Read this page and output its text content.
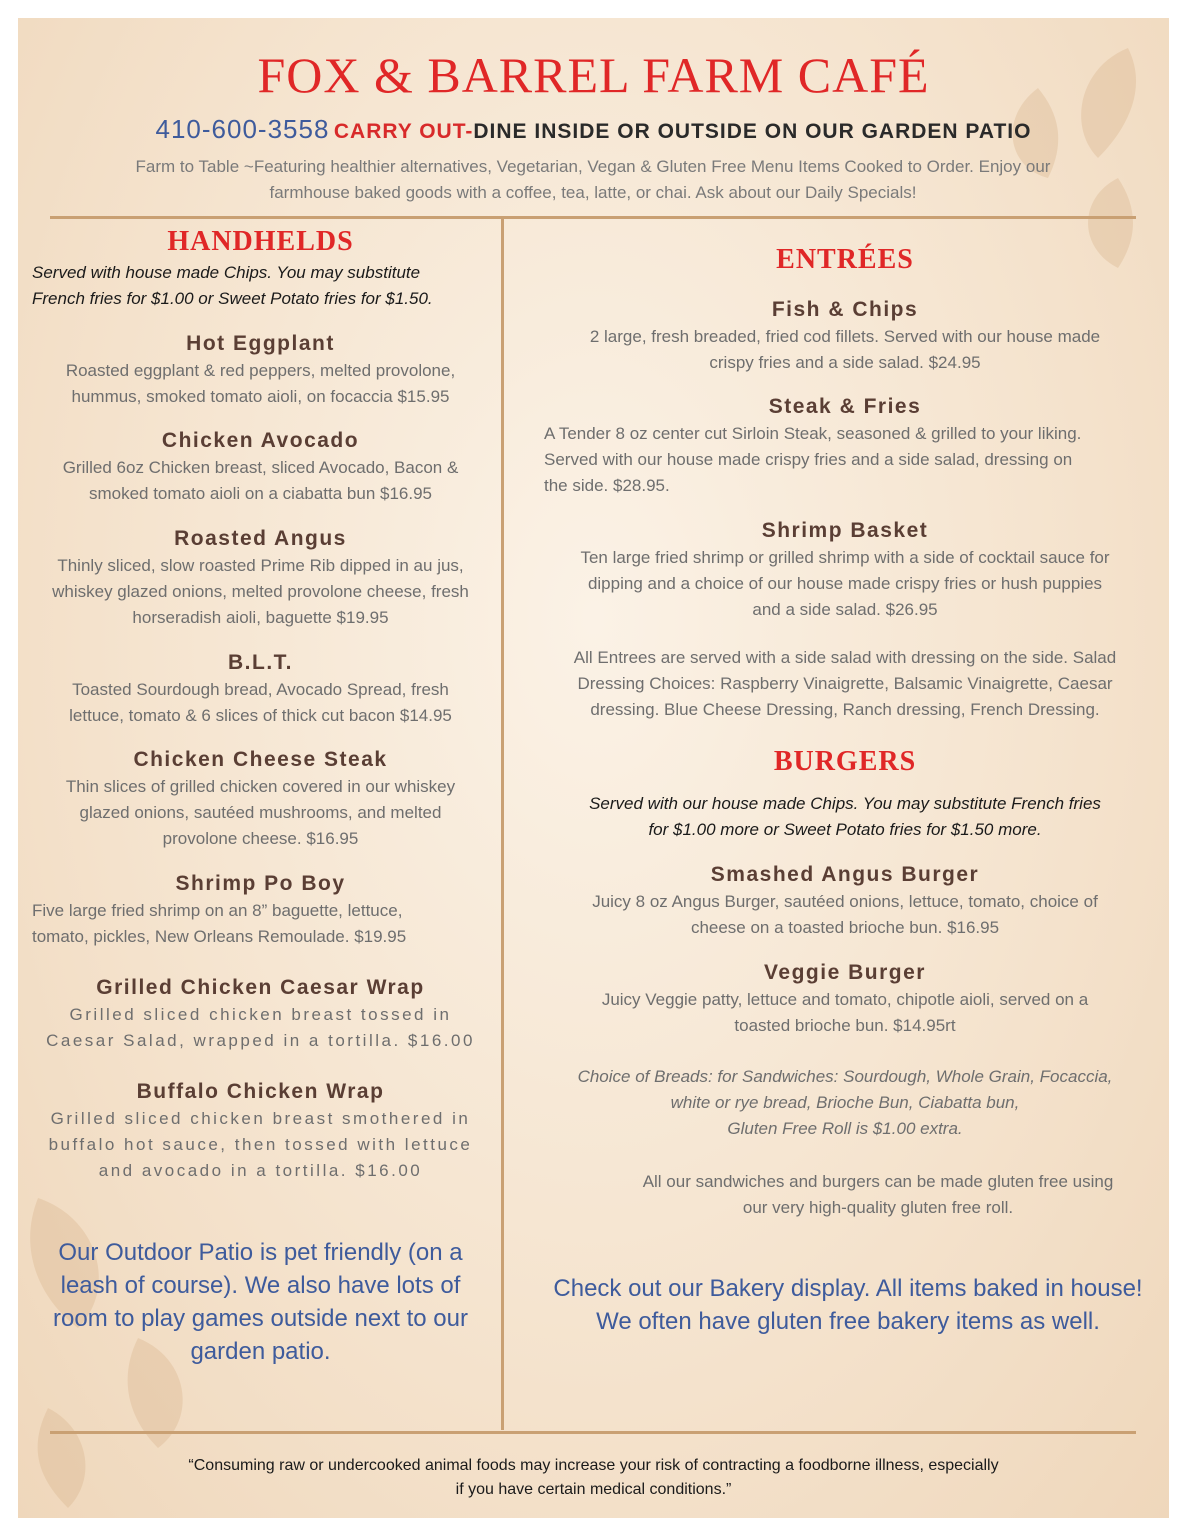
FOX & BARREL FARM CAFÉ
410-600-3558 CARRY OUT-DINE INSIDE OR OUTSIDE ON OUR GARDEN PATIO
Farm to Table ~Featuring healthier alternatives, Vegetarian, Vegan & Gluten Free Menu Items Cooked to Order. Enjoy our
farmhouse baked goods with a coffee, tea, latte, or chai. Ask about our Daily Specials!
HANDHELDS
Served with house made Chips. You may substitute
French fries for $1.00 or Sweet Potato fries for $1.50.
Hot Eggplant
Roasted eggplant & red peppers, melted provolone,
hummus, smoked tomato aioli, on focaccia $15.95
Chicken Avocado
Grilled 6oz Chicken breast, sliced Avocado, Bacon &
smoked tomato aioli on a ciabatta bun $16.95
Roasted Angus
Thinly sliced, slow roasted Prime Rib dipped in au jus,
whiskey glazed onions, melted provolone cheese, fresh
horseradish aioli, baguette $19.95
B.L.T.
Toasted Sourdough bread, Avocado Spread, fresh
lettuce, tomato & 6 slices of thick cut bacon $14.95
Chicken Cheese Steak
Thin slices of grilled chicken covered in our whiskey
glazed onions, sautéed mushrooms, and melted
provolone cheese. $16.95
Shrimp Po Boy
Five large fried shrimp on an 8” baguette, lettuce,
tomato, pickles, New Orleans Remoulade. $19.95
Grilled Chicken Caesar Wrap
Grilled sliced chicken breast tossed in
Caesar Salad, wrapped in a tortilla. $16.00
Buffalo Chicken Wrap
Grilled sliced chicken breast smothered in
buffalo hot sauce, then tossed with lettuce
and avocado in a tortilla. $16.00
Our Outdoor Patio is pet friendly (on a
leash of course). We also have lots of
room to play games outside next to our
garden patio.
ENTRÉES
Fish & Chips
2 large, fresh breaded, fried cod fillets. Served with our house made
crispy fries and a side salad. $24.95
Steak & Fries
A Tender 8 oz center cut Sirloin Steak, seasoned & grilled to your liking.
Served with our house made crispy fries and a side salad, dressing on
the side. $28.95.
Shrimp Basket
Ten large fried shrimp or grilled shrimp with a side of cocktail sauce for
dipping and a choice of our house made crispy fries or hush puppies
and a side salad. $26.95
All Entrees are served with a side salad with dressing on the side. Salad
Dressing Choices: Raspberry Vinaigrette, Balsamic Vinaigrette, Caesar
dressing. Blue Cheese Dressing, Ranch dressing, French Dressing.
BURGERS
Served with our house made Chips. You may substitute French fries
for $1.00 more or Sweet Potato fries for $1.50 more.
Smashed Angus Burger
Juicy 8 oz Angus Burger, sautéed onions, lettuce, tomato, choice of
cheese on a toasted brioche bun. $16.95
Veggie Burger
Juicy Veggie patty, lettuce and tomato, chipotle aioli, served on a
toasted brioche bun. $14.95rt
Choice of Breads: for Sandwiches: Sourdough, Whole Grain, Focaccia,
white or rye bread, Brioche Bun, Ciabatta bun,
Gluten Free Roll is $1.00 extra.
All our sandwiches and burgers can be made gluten free using
our very high-quality gluten free roll.
Check out our Bakery display. All items baked in house!
We often have gluten free bakery items as well.
“Consuming raw or undercooked animal foods may increase your risk of contracting a foodborne illness, especially
if you have certain medical conditions.”
